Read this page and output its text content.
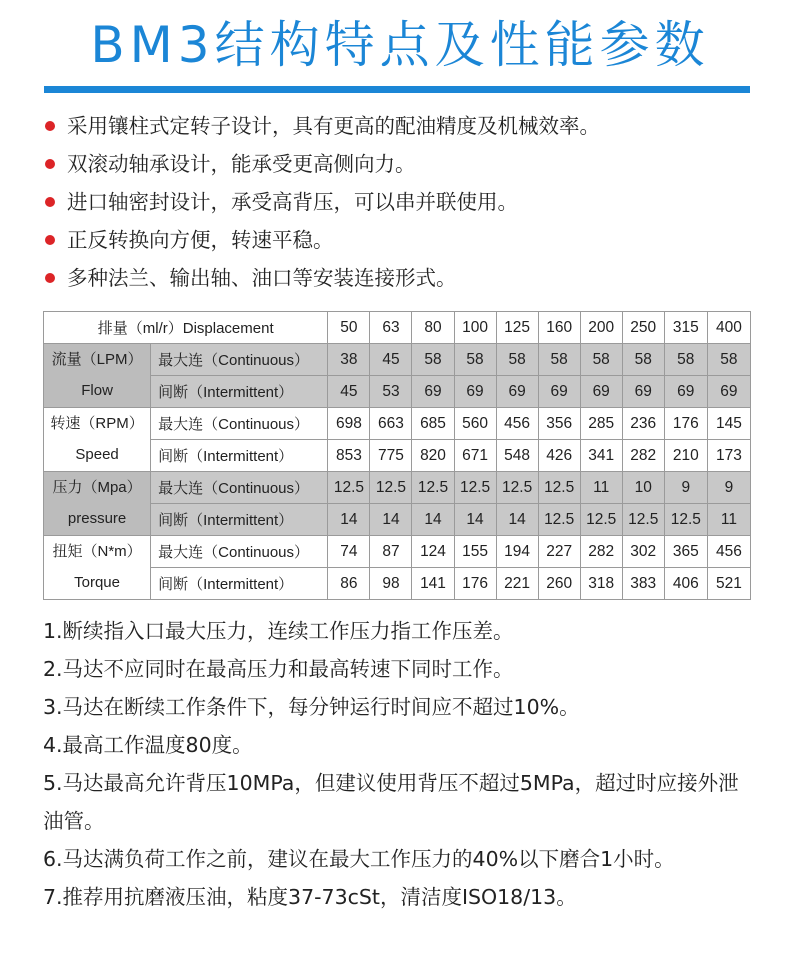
BM3结构特点及性能参数
采用镶柱式定转子设计，具有更高的配油精度及机械效率。
双滚动轴承设计，能承受更高侧向力。
进口轴密封设计，承受高背压，可以串并联使用。
正反转换向方便，转速平稳。
多种法兰、输出轴、油口等安装连接形式。
排量（ml/r）Displacement		50	63	80	100	125	160	200	250	315	400

流量（LPM）
Flow	最大连（Continuous）	38	45	58	58	58	58	58	58	58	58
	间断（Intermittent）	45	53	69	69	69	69	69	69	69	69

转速（RPM）
Speed	最大连（Continuous）	698	663	685	560	456	356	285	236	176	145
	间断（Intermittent）	853	775	820	671	548	426	341	282	210	173

压力（Mpa）
pressure	最大连（Continuous）	12.5	12.5	12.5	12.5	12.5	12.5	11	10	9	9
	间断（Intermittent）	14	14	14	14	14	12.5	12.5	12.5	12.5	11

扭矩（N*m）
Torque	最大连（Continuous）	74	87	124	155	194	227	282	302	365	456
	间断（Intermittent）	86	98	141	176	221	260	318	383	406	521
1.断续指入口最大压力，连续工作压力指工作压差。
2.马达不应同时在最高压力和最高转速下同时工作。
3.马达在断续工作条件下，每分钟运行时间应不超过10%。
4.最高工作温度80度。
5.马达最高允许背压10MPa，但建议使用背压不超过5MPa，超过时应接外泄油管。
6.马达满负荷工作之前，建议在最大工作压力的40%以下磨合1小时。
7.推荐用抗磨液压油，粘度37-73cSt，清洁度ISO18/13。
